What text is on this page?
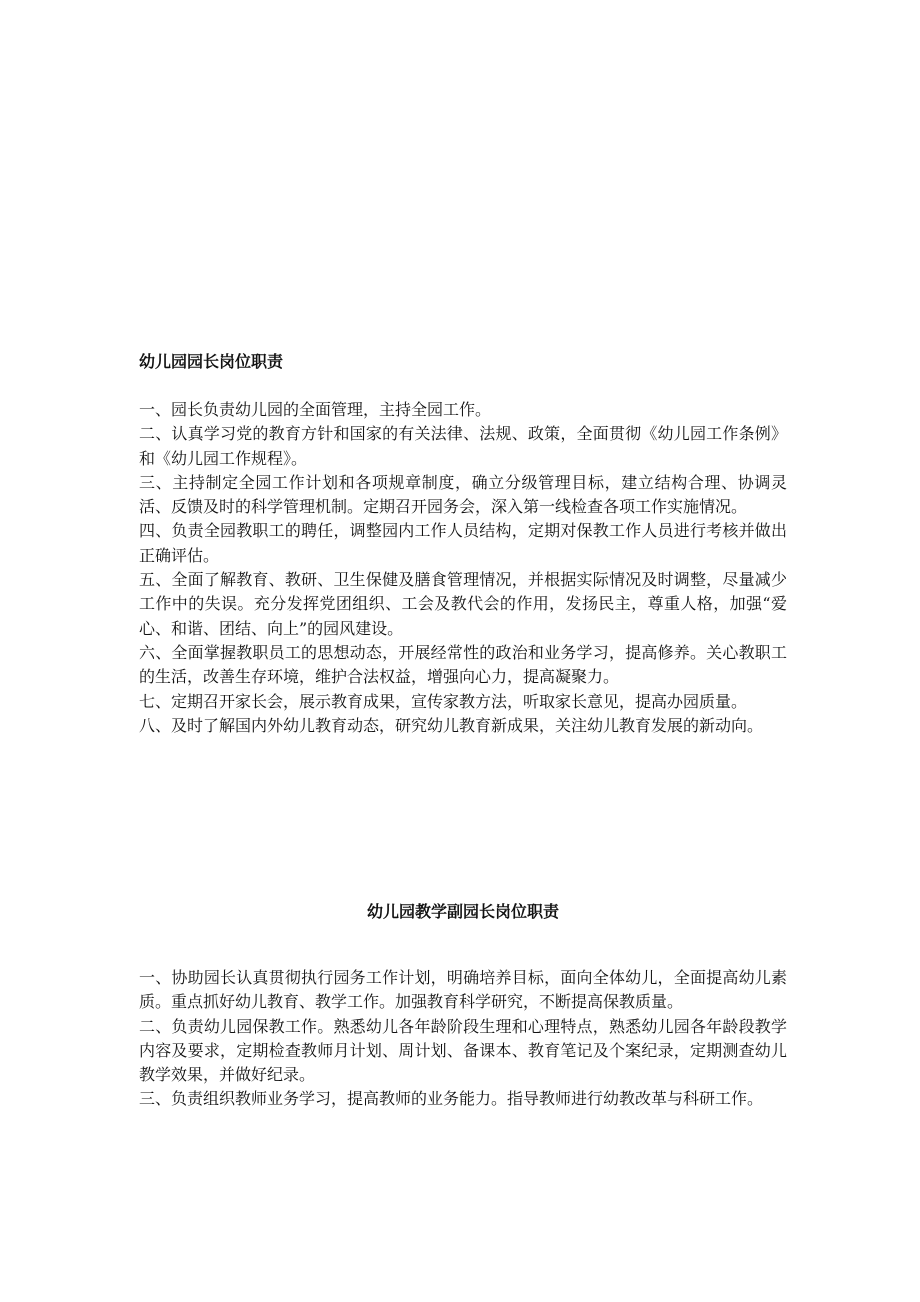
幼儿园园长岗位职责

一、园长负责幼儿园的全面管理，主持全园工作。

二、认真学习党的教育方针和国家的有关法律、法规、政策，全面贯彻《幼儿园工作条例》和《幼儿园工作规程》。

三、主持制定全园工作计划和各项规章制度，确立分级管理目标，建立结构合理、协调灵活、反馈及时的科学管理机制。定期召开园务会，深入第一线检查各项工作实施情况。

四、负责全园教职工的聘任，调整园内工作人员结构，定期对保教工作人员进行考核并做出正确评估。

五、全面了解教育、教研、卫生保健及膳食管理情况，并根据实际情况及时调整，尽量减少工作中的失误。充分发挥党团组织、工会及教代会的作用，发扬民主，尊重人格，加强“爱心、和谐、团结、向上”的园风建设。

六、全面掌握教职员工的思想动态，开展经常性的政治和业务学习，提高修养。关心教职工的生活，改善生存环境，维护合法权益，增强向心力，提高凝聚力。

七、定期召开家长会，展示教育成果，宣传家教方法，听取家长意见，提高办园质量。

八、及时了解国内外幼儿教育动态，研究幼儿教育新成果，关注幼儿教育发展的新动向。

幼儿园教学副园长岗位职责

一、协助园长认真贯彻执行园务工作计划，明确培养目标，面向全体幼儿，全面提高幼儿素质。重点抓好幼儿教育、教学工作。加强教育科学研究，不断提高保教质量。

二、负责幼儿园保教工作。熟悉幼儿各年龄阶段生理和心理特点，熟悉幼儿园各年龄段教学内容及要求，定期检查教师月计划、周计划、备课本、教育笔记及个案纪录，定期测查幼儿教学效果，并做好纪录。

三、负责组织教师业务学习，提高教师的业务能力。指导教师进行幼教改革与科研工作。
